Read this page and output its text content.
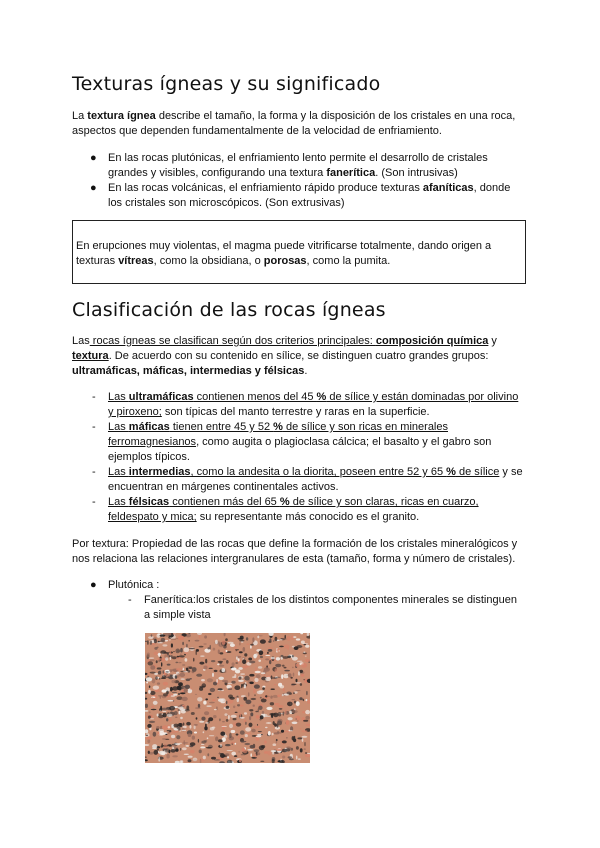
Texturas ígneas y su significado
La textura ígnea describe el tamaño, la forma y la disposición de los cristales en una roca,
aspectos que dependen fundamentalmente de la velocidad de enfriamiento.
● En las rocas plutónicas, el enfriamiento lento permite el desarrollo de cristales
grandes y visibles, configurando una textura fanerítica. (Son intrusivas)
● En las rocas volcánicas, el enfriamiento rápido produce texturas afaníticas, donde
los cristales son microscópicos. (Son extrusivas)
En erupciones muy violentas, el magma puede vitrificarse totalmente, dando origen a
texturas vítreas, como la obsidiana, o porosas, como la pumita.
Clasificación de las rocas ígneas
Las rocas ígneas se clasifican según dos criterios principales: composición química y
textura. De acuerdo con su contenido en sílice, se distinguen cuatro grandes grupos:
ultramáficas, máficas, intermedias y félsicas.
- Las ultramáficas contienen menos del 45 % de sílice y están dominadas por olivino
y piroxeno; son típicas del manto terrestre y raras en la superficie.
- Las máficas tienen entre 45 y 52 % de sílice y son ricas en minerales
ferromagnesianos, como augita o plagioclasa cálcica; el basalto y el gabro son
ejemplos típicos.
- Las intermedias, como la andesita o la diorita, poseen entre 52 y 65 % de sílice y se
encuentran en márgenes continentales activos.
- Las félsicas contienen más del 65 % de sílice y son claras, ricas en cuarzo,
feldespato y mica; su representante más conocido es el granito.
Por textura: Propiedad de las rocas que define la formación de los cristales mineralógicos y
nos relaciona las relaciones intergranulares de esta (tamaño, forma y número de cristales).
● Plutónica :
- Fanerítica:los cristales de los distintos componentes minerales se distinguen
a simple vista
